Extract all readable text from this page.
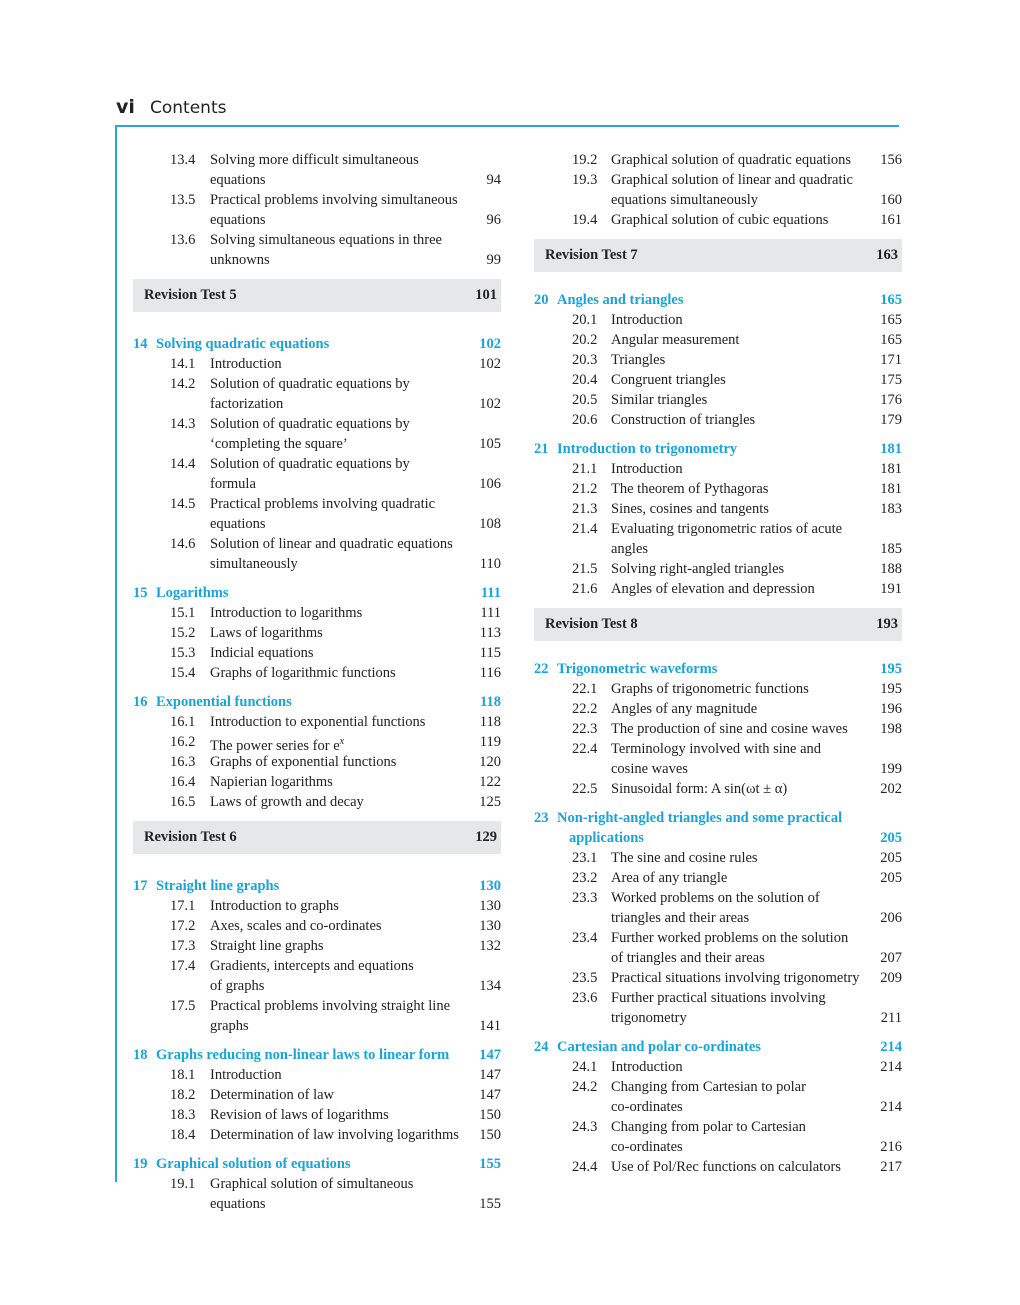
vi Contents
13.4 Solving more difficult simultaneous
equations	94
13.5 Practical problems involving simultaneous
equations	96
13.6 Solving simultaneous equations in three
unknowns	99
Revision Test 5	101
14 Solving quadratic equations	102
14.1 Introduction	102
14.2 Solution of quadratic equations by
factorization	102
14.3 Solution of quadratic equations by
‘completing the square’	105
14.4 Solution of quadratic equations by
formula	106
14.5 Practical problems involving quadratic
equations	108
14.6 Solution of linear and quadratic equations
simultaneously	110
15 Logarithms	111
15.1 Introduction to logarithms	111
15.2 Laws of logarithms	113
15.3 Indicial equations	115
15.4 Graphs of logarithmic functions	116
16 Exponential functions	118
16.1 Introduction to exponential functions	118
16.2 The power series for $e^x$	119
16.3 Graphs of exponential functions	120
16.4 Napierian logarithms	122
16.5 Laws of growth and decay	125
Revision Test 6	129
17 Straight line graphs	130
17.1 Introduction to graphs	130
17.2 Axes, scales and co-ordinates	130
17.3 Straight line graphs	132
17.4 Gradients, intercepts and equations
of graphs	134
17.5 Practical problems involving straight line
graphs	141
18 Graphs reducing non-linear laws to linear form 147
18.1 Introduction	147
18.2 Determination of law	147
18.3 Revision of laws of logarithms	150
18.4 Determination of law involving logarithms 150
19 Graphical solution of equations	155
19.1 Graphical solution of simultaneous
equations	155
19.2 Graphical solution of quadratic equations 156
19.3 Graphical solution of linear and quadratic
equations simultaneously	160
19.4 Graphical solution of cubic equations	161
Revision Test 7	163
20 Angles and triangles	165
20.1 Introduction	165
20.2 Angular measurement	165
20.3 Triangles	171
20.4 Congruent triangles	175
20.5 Similar triangles	176
20.6 Construction of triangles	179
21 Introduction to trigonometry	181
21.1 Introduction	181
21.2 The theorem of Pythagoras	181
21.3 Sines, cosines and tangents	183
21.4 Evaluating trigonometric ratios of acute
angles	185
21.5 Solving right-angled triangles	188
21.6 Angles of elevation and depression	191
Revision Test 8	193
22 Trigonometric waveforms	195
22.1 Graphs of trigonometric functions	195
22.2 Angles of any magnitude	196
22.3 The production of sine and cosine waves 198
22.4 Terminology involved with sine and
cosine waves	199
22.5 Sinusoidal form: A sin(ωt ± α)	202
23 Non-right-angled triangles and some practical
applications	205
23.1 The sine and cosine rules	205
23.2 Area of any triangle	205
23.3 Worked problems on the solution of
triangles and their areas	206
23.4 Further worked problems on the solution
of triangles and their areas	207
23.5 Practical situations involving trigonometry 209
23.6 Further practical situations involving
trigonometry	211
24 Cartesian and polar co-ordinates	214
24.1 Introduction	214
24.2 Changing from Cartesian to polar
co-ordinates	214
24.3 Changing from polar to Cartesian
co-ordinates	216
24.4 Use of Pol/Rec functions on calculators	217
